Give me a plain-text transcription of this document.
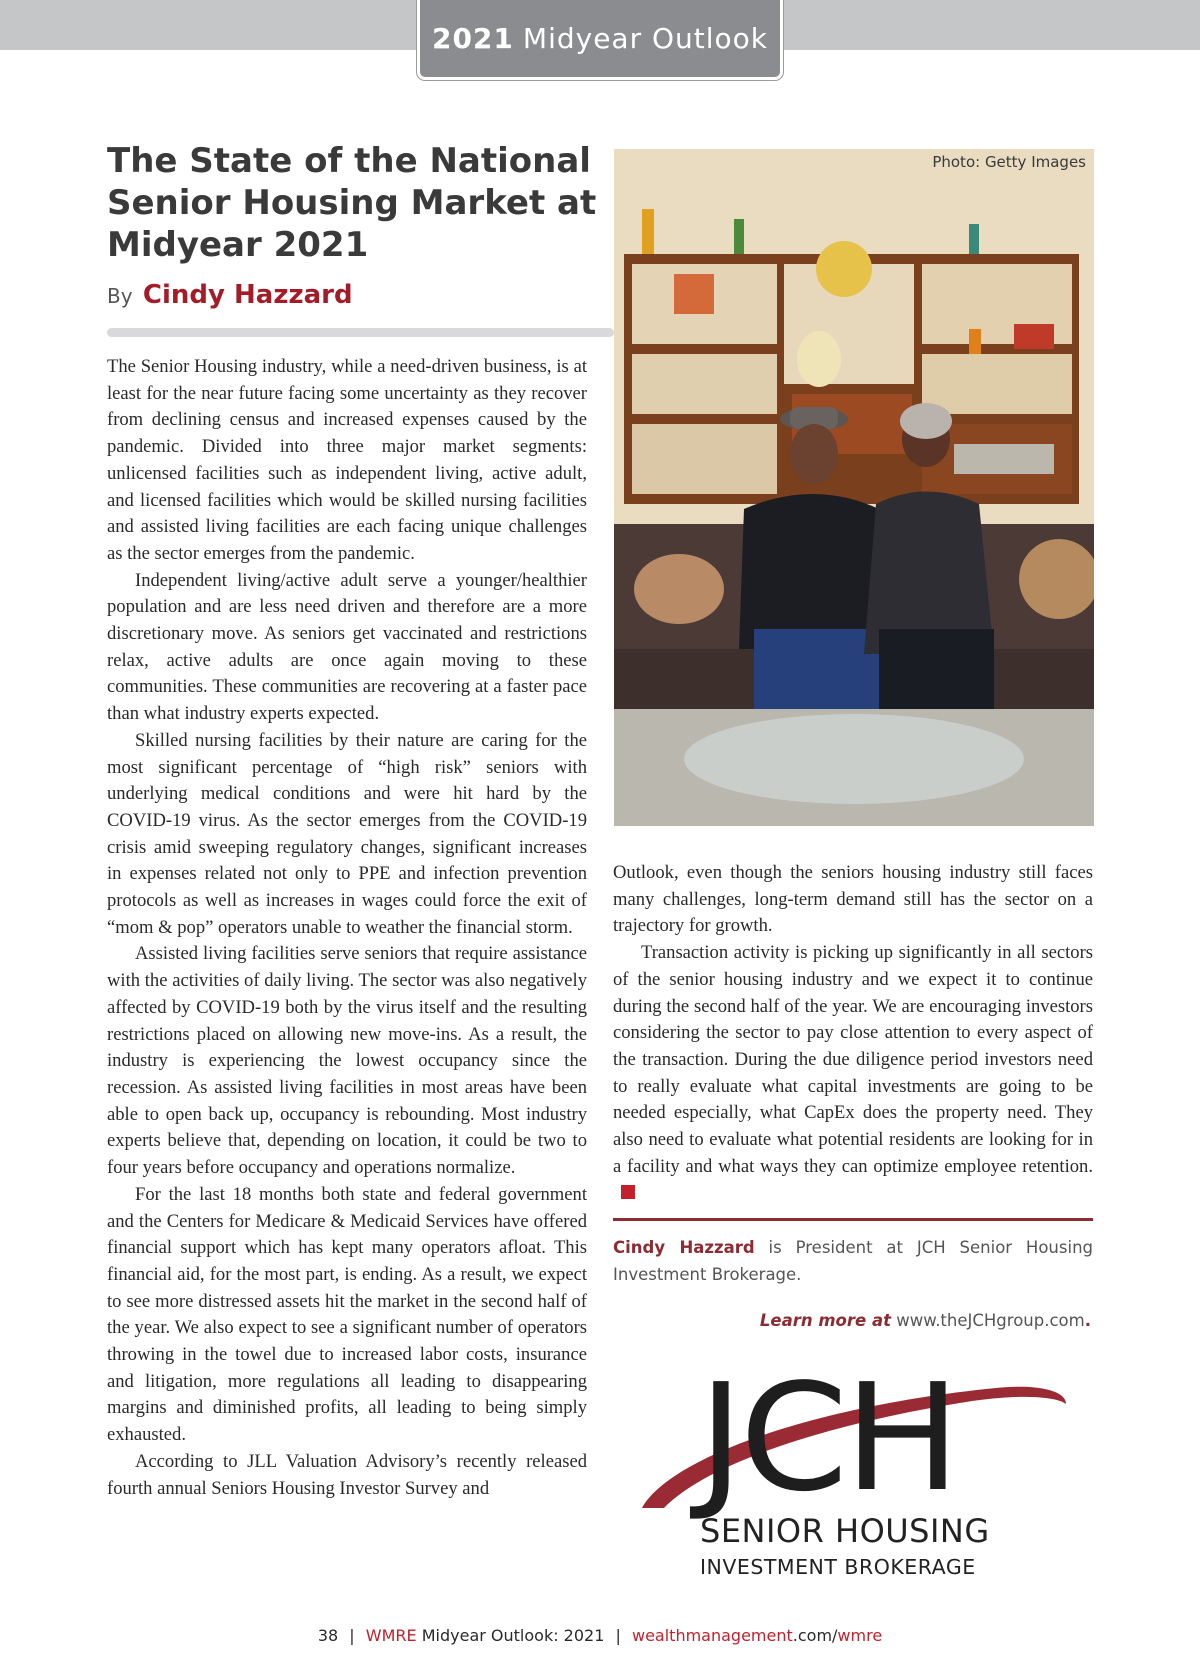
2021 Midyear Outlook
The State of the National Senior Housing Market at Midyear 2021
By Cindy Hazzard

The Senior Housing industry, while a need-driven business, is at least for the near future facing some uncertainty as they recover from declining census and increased expenses caused by the pandemic. Divided into three major market segments: unlicensed facilities such as independent living, active adult, and licensed facilities which would be skilled nursing facilities and assisted living facilities are each facing unique challenges as the sector emerges from the pandemic.

Independent living/active adult serve a younger/healthier population and are less need driven and therefore are a more discretionary move. As seniors get vaccinated and restrictions relax, active adults are once again moving to these communities. These communities are recovering at a faster pace than what industry experts expected.

Skilled nursing facilities by their nature are caring for the most significant percentage of “high risk” seniors with underlying medical conditions and were hit hard by the COVID-19 virus. As the sector emerges from the COVID-19 crisis amid sweeping regulatory changes, significant increases in expenses related not only to PPE and infection prevention protocols as well as increases in wages could force the exit of “mom & pop” operators unable to weather the financial storm.

Assisted living facilities serve seniors that require assistance with the activities of daily living. The sector was also negatively affected by COVID-19 both by the virus itself and the resulting restrictions placed on allowing new move-ins. As a result, the industry is experiencing the lowest occupancy since the recession. As assisted living facilities in most areas have been able to open back up, occupancy is rebounding. Most industry experts believe that, depending on location, it could be two to four years before occupancy and operations normalize.

For the last 18 months both state and federal government and the Centers for Medicare & Medicaid Services have offered financial support which has kept many operators afloat. This financial aid, for the most part, is ending. As a result, we expect to see more distressed assets hit the market in the second half of the year. We also expect to see a significant number of operators throwing in the towel due to increased labor costs, insurance and litigation, more regulations all leading to disappearing margins and diminished profits, all leading to being simply exhausted.

According to JLL Valuation Advisory’s recently released fourth annual Seniors Housing Investor Survey and

Photo: Getty Images

Outlook, even though the seniors housing industry still faces many challenges, long-term demand still has the sector on a trajectory for growth.

Transaction activity is picking up significantly in all sectors of the senior housing industry and we expect it to continue during the second half of the year. We are encouraging investors considering the sector to pay close attention to every aspect of the transaction. During the due diligence period investors need to really evaluate what capital investments are going to be needed especially, what CapEx does the property need. They also need to evaluate what potential residents are looking for in a facility and what ways they can optimize employee retention.

Cindy Hazzard is President at JCH Senior Housing Investment Brokerage.

Learn more at www.theJCHgroup.com.
JCH
SENIOR HOUSING
INVESTMENT BROKERAGE
38 | WMRE Midyear Outlook: 2021 | wealthmanagement.com/wmre
